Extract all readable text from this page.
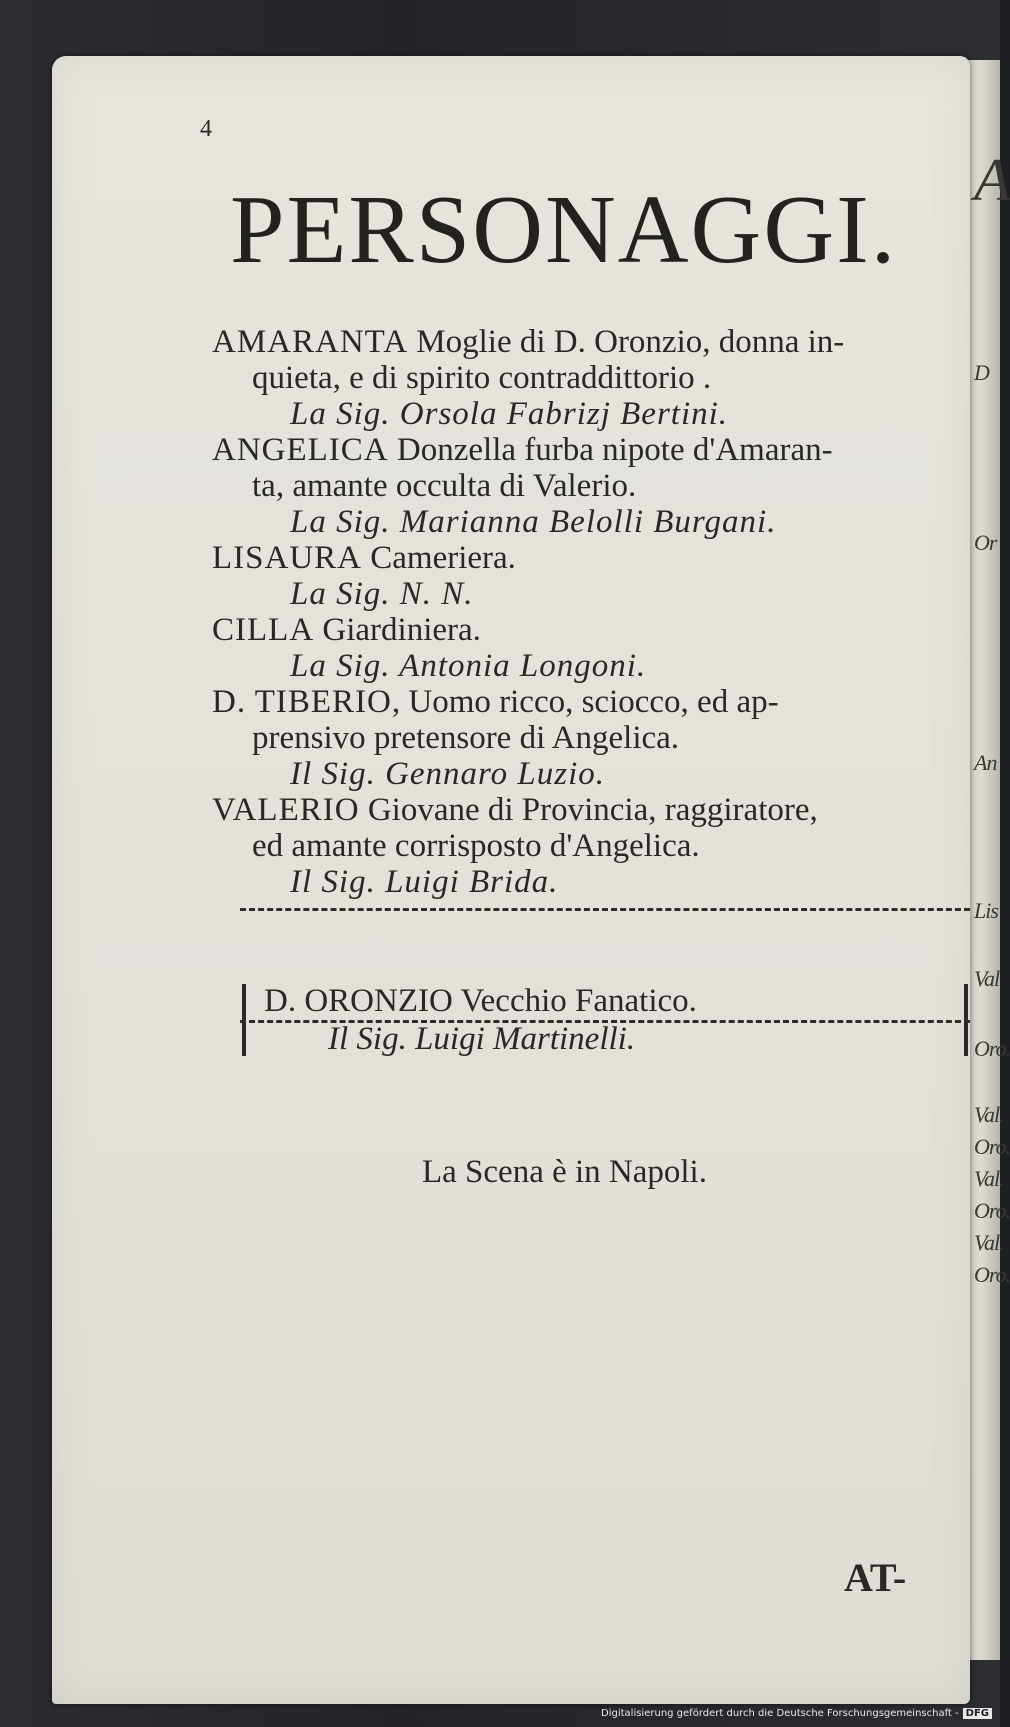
A
D
Or
An
Lis
Val
Oro.
Val.
Oro.
Val.
Oro.
Val.
Oro.
4
PERSONAGGI.

AMARANTA Moglie di D. Oronzio, donna in-
quieta, e di spirito contraddittorio .
La Sig. Orsola Fabrizj Bertini.

ANGELICA Donzella furba nipote d'Amaran-
ta, amante occulta di Valerio.
La Sig. Marianna Belolli Burgani.

LISAURA Cameriera.
La Sig. N. N.

CILLA Giardiniera.
La Sig. Antonia Longoni.

D. TIBERIO, Uomo ricco, sciocco, ed ap-
prensivo pretensore di Angelica.
Il Sig. Gennaro Luzio.

VALERIO Giovane di Provincia, raggiratore,
ed amante corrisposto d'Angelica.
Il Sig. Luigi Brida.

D. ORONZIO Vecchio Fanatico.
Il Sig. Luigi Martinelli.
La Scena è in Napoli.
AT-
Digitalisierung gefördert durch die Deutsche Forschungsgemeinschaft - DFG
